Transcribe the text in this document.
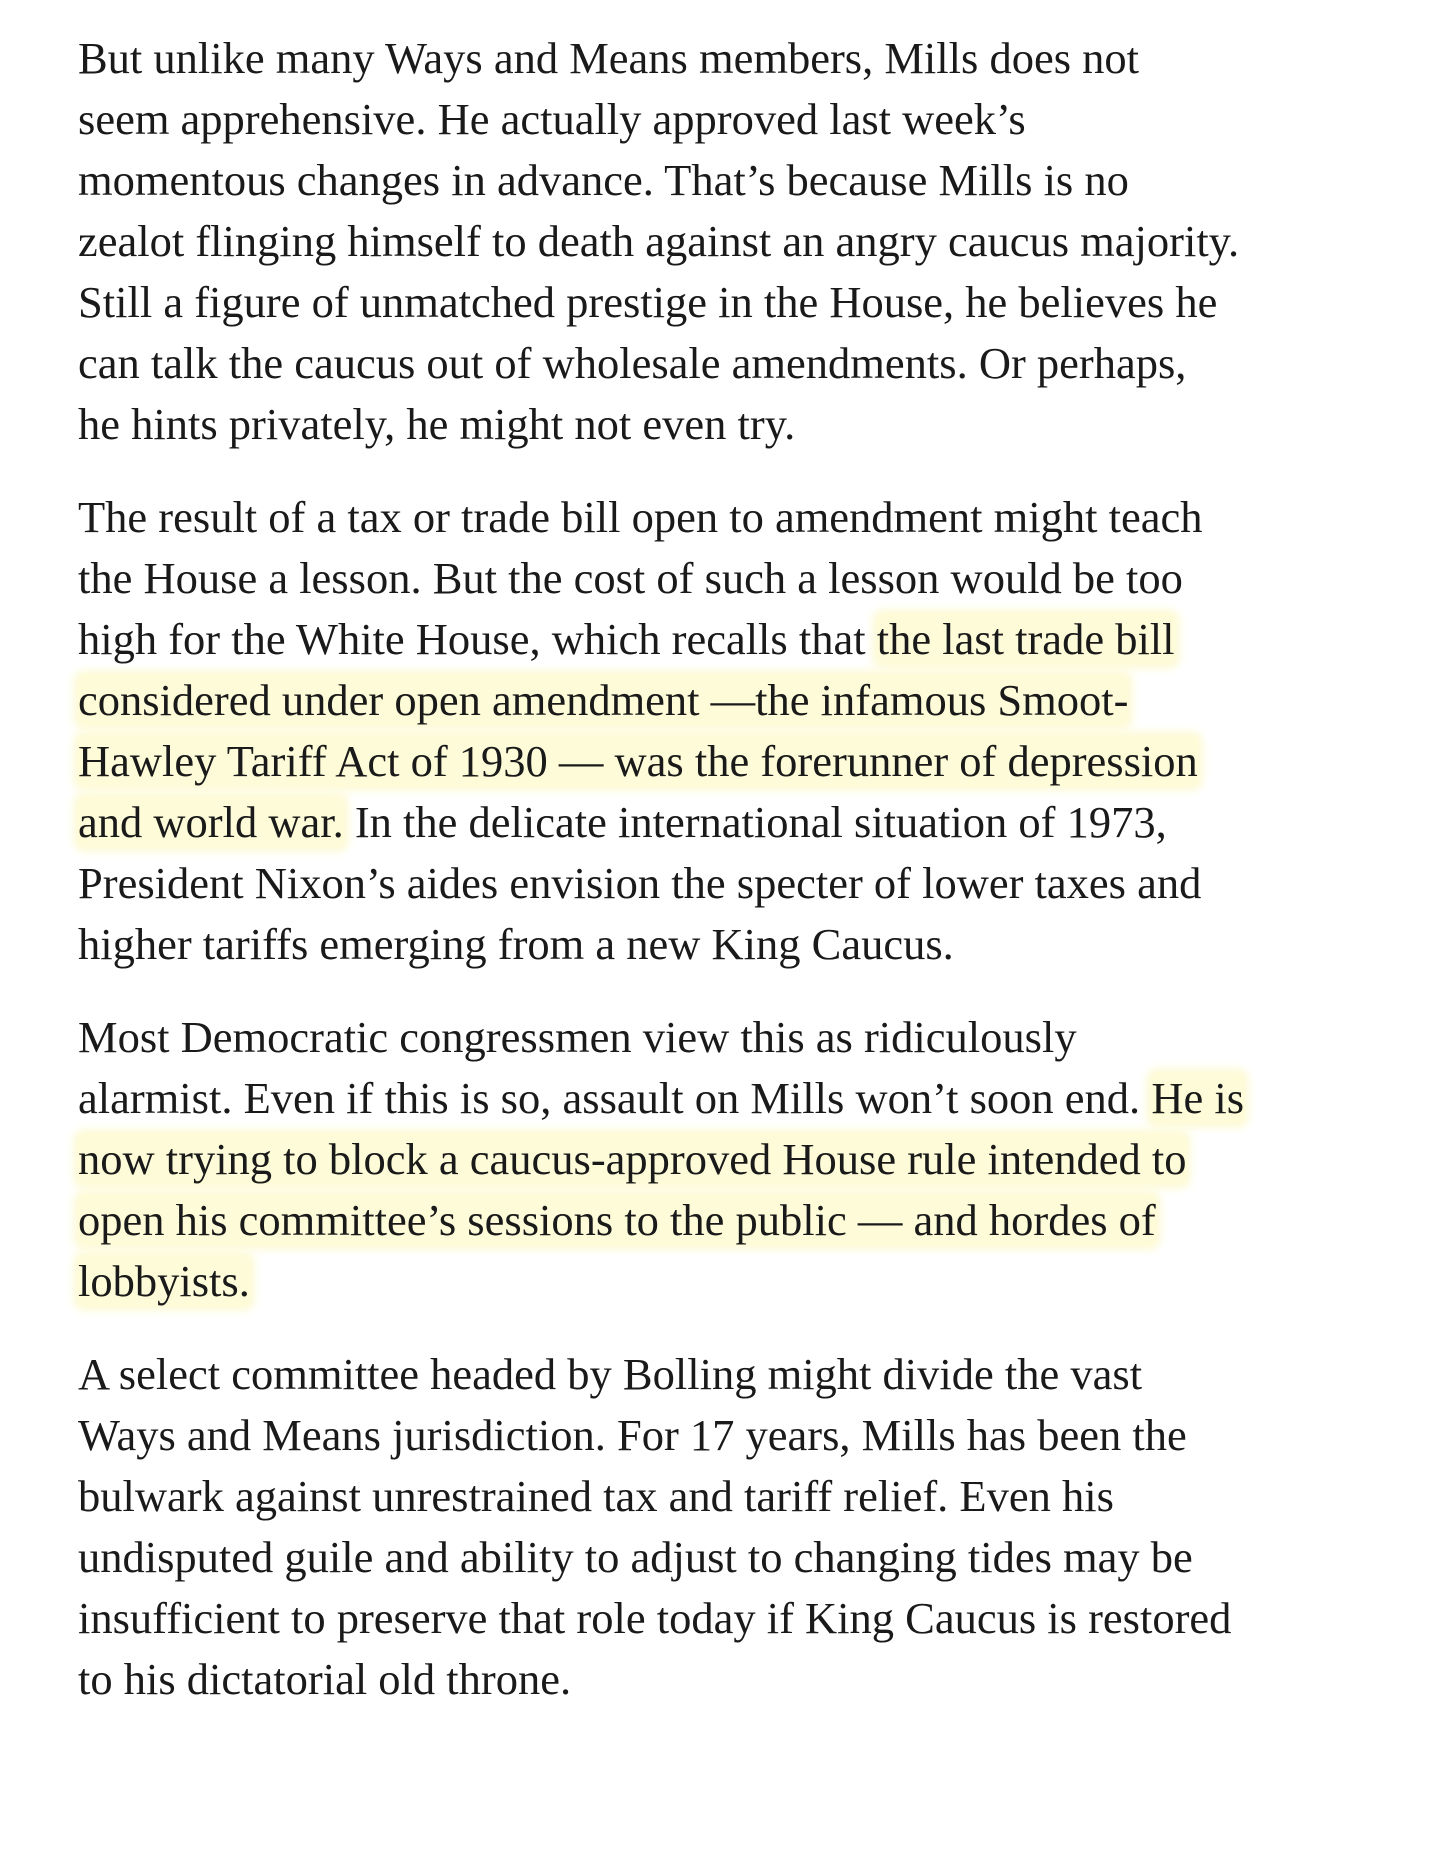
But unlike many Ways and Means members, Mills does not
seem apprehensive. He actually approved last week’s
momentous changes in advance. That’s because Mills is no
zealot flinging himself to death against an angry caucus majority.
Still a figure of unmatched prestige in the House, he believes he
can talk the caucus out of wholesale amendments. Or perhaps,
he hints privately, he might not even try.

The result of a tax or trade bill open to amendment might teach
the House a lesson. But the cost of such a lesson would be too
high for the White House, which recalls that the last trade bill
considered under open amendment —the infamous Smoot-
Hawley Tariff Act of 1930 — was the forerunner of depression
and world war. In the delicate international situation of 1973,
President Nixon’s aides envision the specter of lower taxes and
higher tariffs emerging from a new King Caucus.

Most Democratic congressmen view this as ridiculously
alarmist. Even if this is so, assault on Mills won’t soon end. He is
now trying to block a caucus-approved House rule intended to
open his committee’s sessions to the public — and hordes of
lobbyists.

A select committee headed by Bolling might divide the vast
Ways and Means jurisdiction. For 17 years, Mills has been the
bulwark against unrestrained tax and tariff relief. Even his
undisputed guile and ability to adjust to changing tides may be
insufficient to preserve that role today if King Caucus is restored
to his dictatorial old throne.
